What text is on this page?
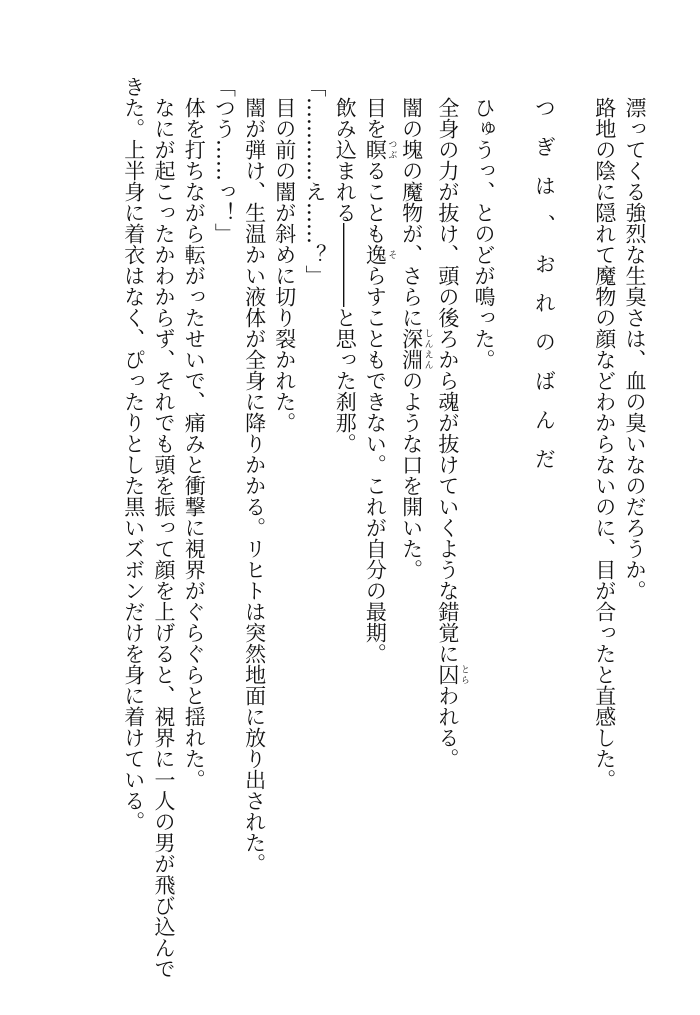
漂ってくる強烈な生臭さは、血の臭いなのだろうか。

路地の陰に隠れて魔物の顔などわからないのに、目が合ったと直感した。

つぎは、おれのばんだ

ひゅうっ、とのどが鳴った。

全身の力が抜け、頭の後ろから魂が抜けていくような錯覚に囚 とらわれる。

闇の塊の魔物が、さらに深淵 しんえんのような口を開いた。

目を瞑 つぶることも逸 そらすこともできない。これが自分の最期。

飲み込まれる――――と思った刹那。

「…………え……？」

目の前の闇が斜めに切り裂かれた。

闇が弾け、生温かい液体が全身に降りかかる。リヒトは突然地面に放り出された。

「つう……っ！」

体を打ちながら転がったせいで、痛みと衝撃に視界がぐらぐらと揺れた。

なにが起こったかわからず、それでも頭を振って顔を上げると、視界に一人の男が飛び込んで

きた。上半身に着衣はなく、ぴったりとした黒いズボンだけを身に着けている。
